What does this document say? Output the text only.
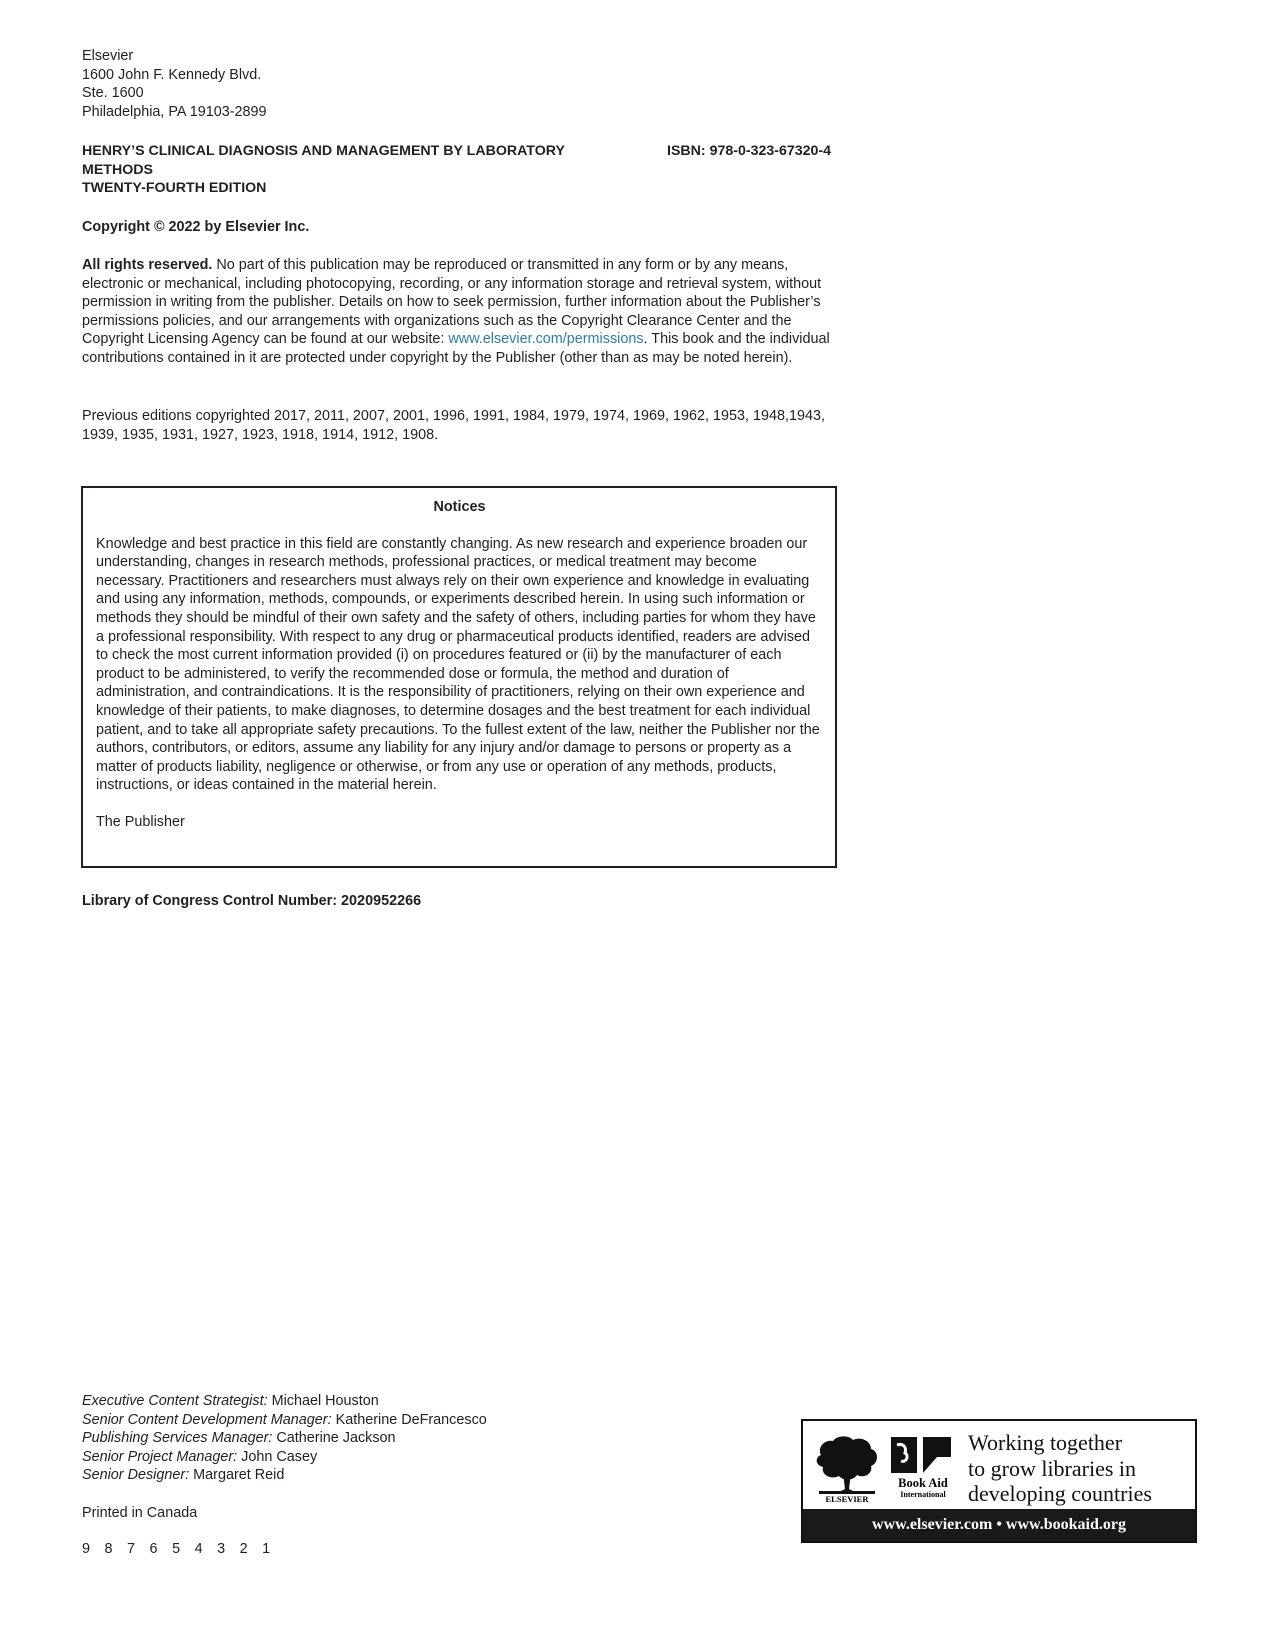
Elsevier
1600 John F. Kennedy Blvd.
Ste. 1600
Philadelphia, PA 19103-2899
HENRY’S CLINICAL DIAGNOSIS AND MANAGEMENT BY LABORATORY
METHODS
TWENTY-FOURTH EDITION
ISBN: 978-0-323-67320-4
Copyright © 2022 by Elsevier Inc.
All rights reserved. No part of this publication may be reproduced or transmitted in any form or by any means, electronic or mechanical, including photocopying, recording, or any information storage and retrieval system, without permission in writing from the publisher. Details on how to seek permission, further information about the Publisher’s permissions policies, and our arrangements with organizations such as the Copyright Clearance Center and the Copyright Licensing Agency can be found at our website: www.elsevier.com/permissions. This book and the individual contributions contained in it are protected under copyright by the Publisher (other than as may be noted herein).
Previous editions copyrighted 2017, 2011, 2007, 2001, 1996, 1991, 1984, 1979, 1974, 1969, 1962, 1953, 1948,1943, 1939, 1935, 1931, 1927, 1923, 1918, 1914, 1912, 1908.
Notices

Knowledge and best practice in this field are constantly changing. As new research and experience broaden our understanding, changes in research methods, professional practices, or medical treatment may become necessary. Practitioners and researchers must always rely on their own experience and knowledge in evaluating and using any information, methods, compounds, or experiments described herein. In using such information or methods they should be mindful of their own safety and the safety of others, including parties for whom they have a professional responsibility. With respect to any drug or pharmaceutical products identified, readers are advised to check the most current information provided (i) on procedures featured or (ii) by the manufacturer of each product to be administered, to verify the recommended dose or formula, the method and duration of administration, and contraindications. It is the responsibility of practitioners, relying on their own experience and knowledge of their patients, to make diagnoses, to determine dosages and the best treatment for each individual patient, and to take all appropriate safety precautions. To the fullest extent of the law, neither the Publisher nor the authors, contributors, or editors, assume any liability for any injury and/or damage to persons or property as a matter of products liability, negligence or otherwise, or from any use or operation of any methods, products, instructions, or ideas contained in the material herein.

The Publisher
Library of Congress Control Number: 2020952266
Executive Content Strategist: Michael Houston
Senior Content Development Manager: Katherine DeFrancesco
Publishing Services Manager: Catherine Jackson
Senior Project Manager: John Casey
Senior Designer: Margaret Reid
Printed in Canada
9 8 7 6 5 4 3 2 1
ELSEVIER
Book Aid
International
Working together
to grow libraries in
developing countries
www.elsevier.com • www.bookaid.org
